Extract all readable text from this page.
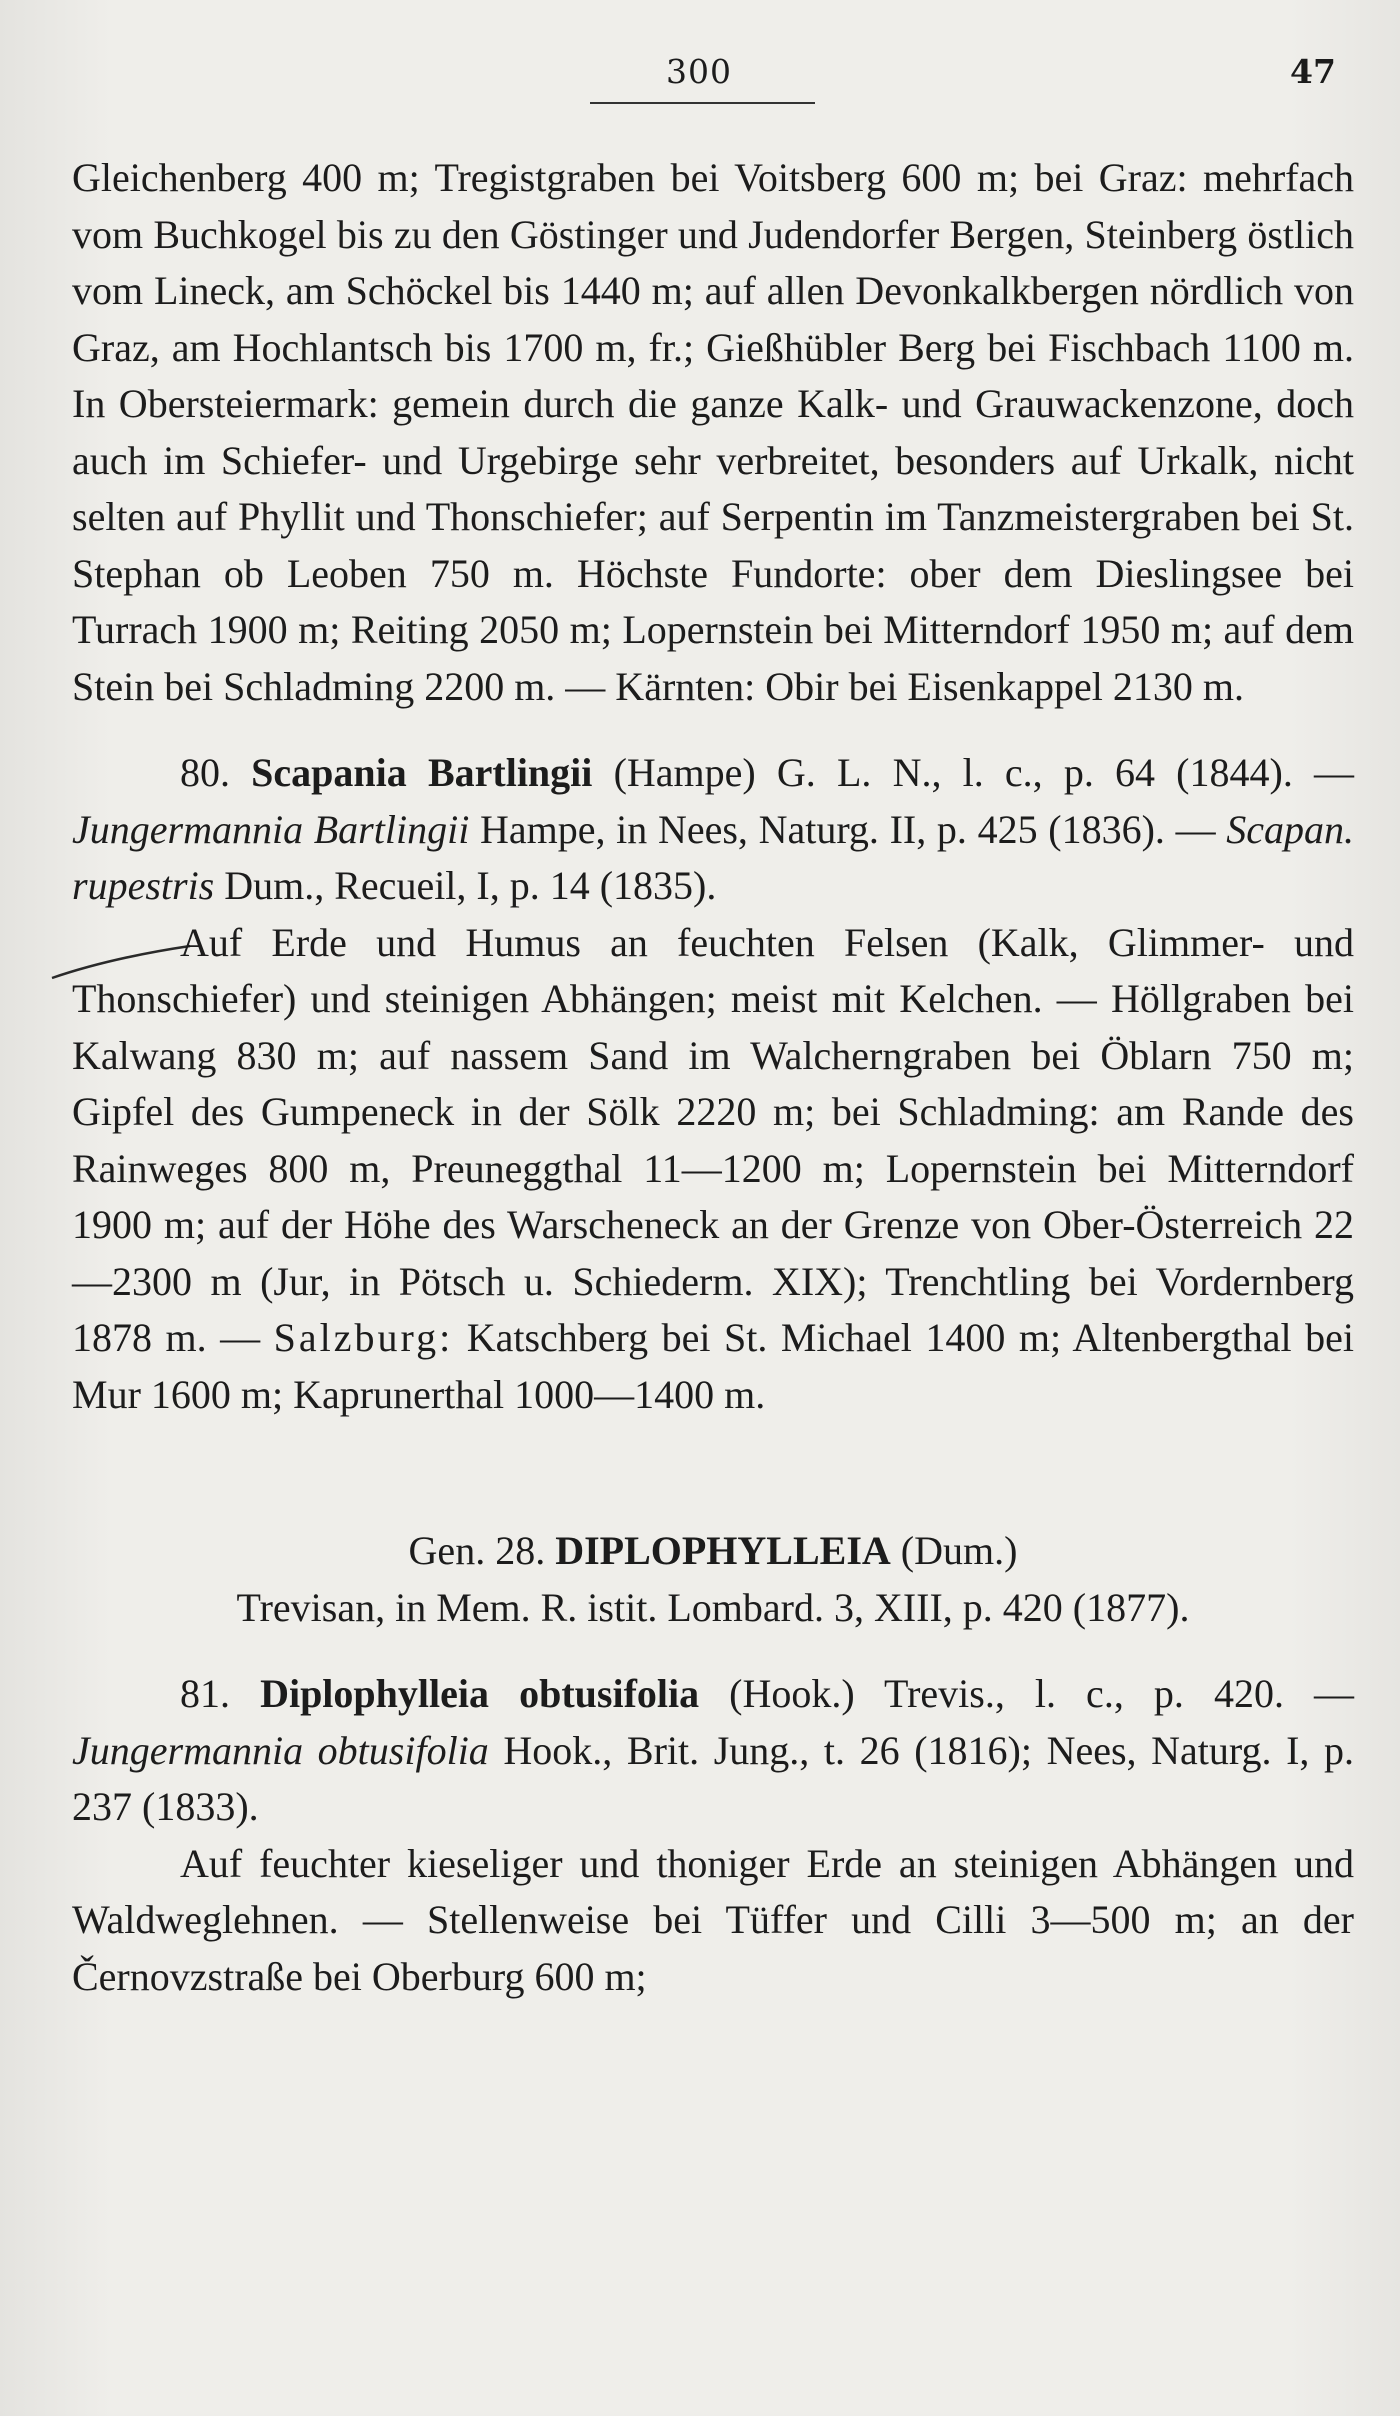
300	47

Gleichenberg 400 m; Tregistgraben bei Voitsberg 600 m; bei Graz: mehrfach vom Buchkogel bis zu den Göstinger und Judendorfer Bergen, Steinberg östlich vom Lineck, am Schöckel bis 1440 m; auf allen Devonkalkbergen nördlich von Graz, am Hochlantsch bis 1700 m, fr.; Gießhübler Berg bei Fischbach 1100 m. In Obersteiermark: gemein durch die ganze Kalk- und Grauwackenzone, doch auch im Schiefer- und Urgebirge sehr verbreitet, besonders auf Urkalk, nicht selten auf Phyllit und Thonschiefer; auf Serpentin im Tanzmeistergraben bei St. Stephan ob Leoben 750 m. Höchste Fundorte: ober dem Dieslingsee bei Turrach 1900 m; Reiting 2050 m; Lopernstein bei Mitterndorf 1950 m; auf dem Stein bei Schladming 2200 m. — Kärnten: Obir bei Eisenkappel 2130 m.

80. Scapania Bartlingii (Hampe) G. L. N., l. c., p. 64 (1844). — Jungermannia Bartlingii Hampe, in Nees, Naturg. II, p. 425 (1836). — Scapan. rupestris Dum., Recueil, I, p. 14 (1835).

Auf Erde und Humus an feuchten Felsen (Kalk, Glimmer- und Thonschiefer) und steinigen Abhängen; meist mit Kelchen. — Höllgraben bei Kalwang 830 m; auf nassem Sand im Walcherngraben bei Öblarn 750 m; Gipfel des Gumpeneck in der Sölk 2220 m; bei Schladming: am Rande des Rainweges 800 m, Preuneggthal 11—1200 m; Lopernstein bei Mitterndorf 1900 m; auf der Höhe des Warscheneck an der Grenze von Ober-Österreich 22—2300 m (Jur, in Pötsch u. Schiederm. XIX); Trenchtling bei Vordernberg 1878 m. — Salzburg: Katschberg bei St. Michael 1400 m; Altenbergthal bei Mur 1600 m; Kaprunerthal 1000—1400 m.

Gen. 28. DIPLOPHYLLEIA (Dum.)

Trevisan, in Mem. R. istit. Lombard. 3, XIII, p. 420 (1877).

81. Diplophylleia obtusifolia (Hook.) Trevis., l. c., p. 420. — Jungermannia obtusifolia Hook., Brit. Jung., t. 26 (1816); Nees, Naturg. I, p. 237 (1833).

Auf feuchter kieseliger und thoniger Erde an steinigen Abhängen und Waldweglehnen. — Stellenweise bei Tüffer und Cilli 3—500 m; an der Černovzstraße bei Oberburg 600 m;
